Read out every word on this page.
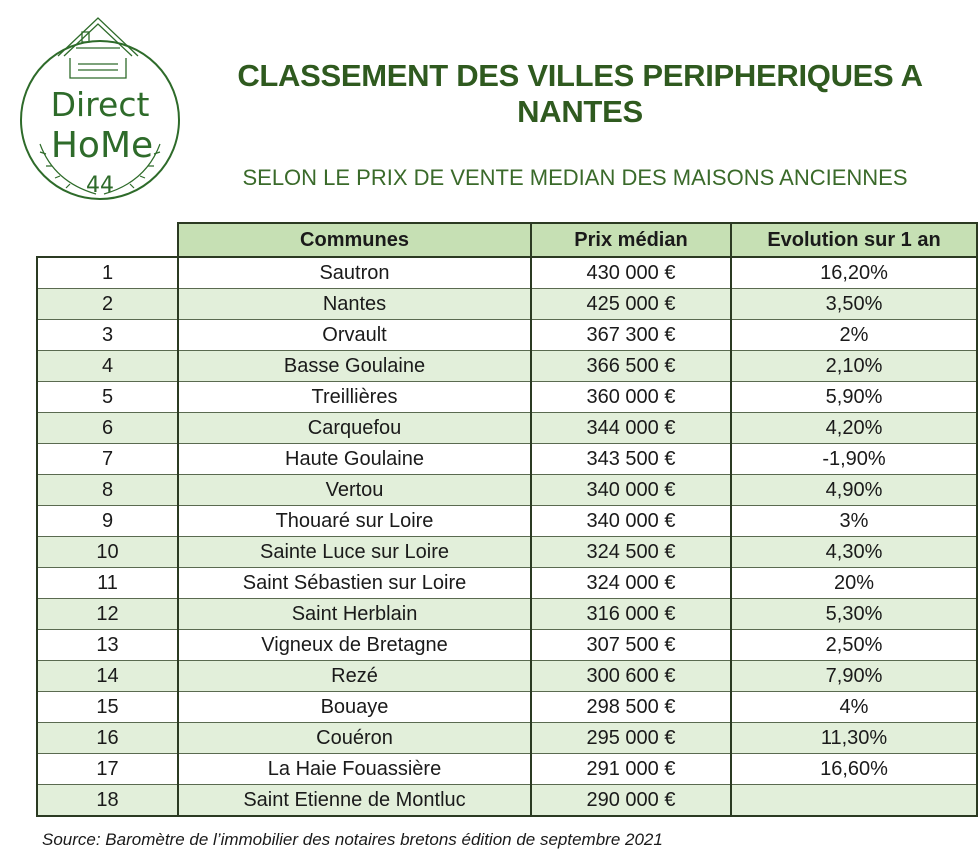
Direct
HoMe
44
CLASSEMENT DES VILLES PERIPHERIQUES A NANTES
SELON LE PRIX DE VENTE MEDIAN DES MAISONS ANCIENNES
	Communes	Prix médian	Evolution sur 1 an
1	Sautron	430 000 €	16,20%
2	Nantes	425 000 €	3,50%
3	Orvault	367 300 €	2%
4	Basse Goulaine	366 500 €	2,10%
5	Treillières	360 000 €	5,90%
6	Carquefou	344 000 €	4,20%
7	Haute Goulaine	343 500 €	-1,90%
8	Vertou	340 000 €	4,90%
9	Thouaré sur Loire	340 000 €	3%
10	Sainte Luce sur Loire	324 500 €	4,30%
11	Saint Sébastien sur Loire	324 000 €	20%
12	Saint Herblain	316 000 €	5,30%
13	Vigneux de Bretagne	307 500 €	2,50%
14	Rezé	300 600 €	7,90%
15	Bouaye	298 500 €	4%
16	Couéron	295 000 €	11,30%
17	La Haie Fouassière	291 000 €	16,60%
18	Saint Etienne de Montluc	290 000 €	
Source: Baromètre de l’immobilier des notaires bretons édition de septembre 2021
